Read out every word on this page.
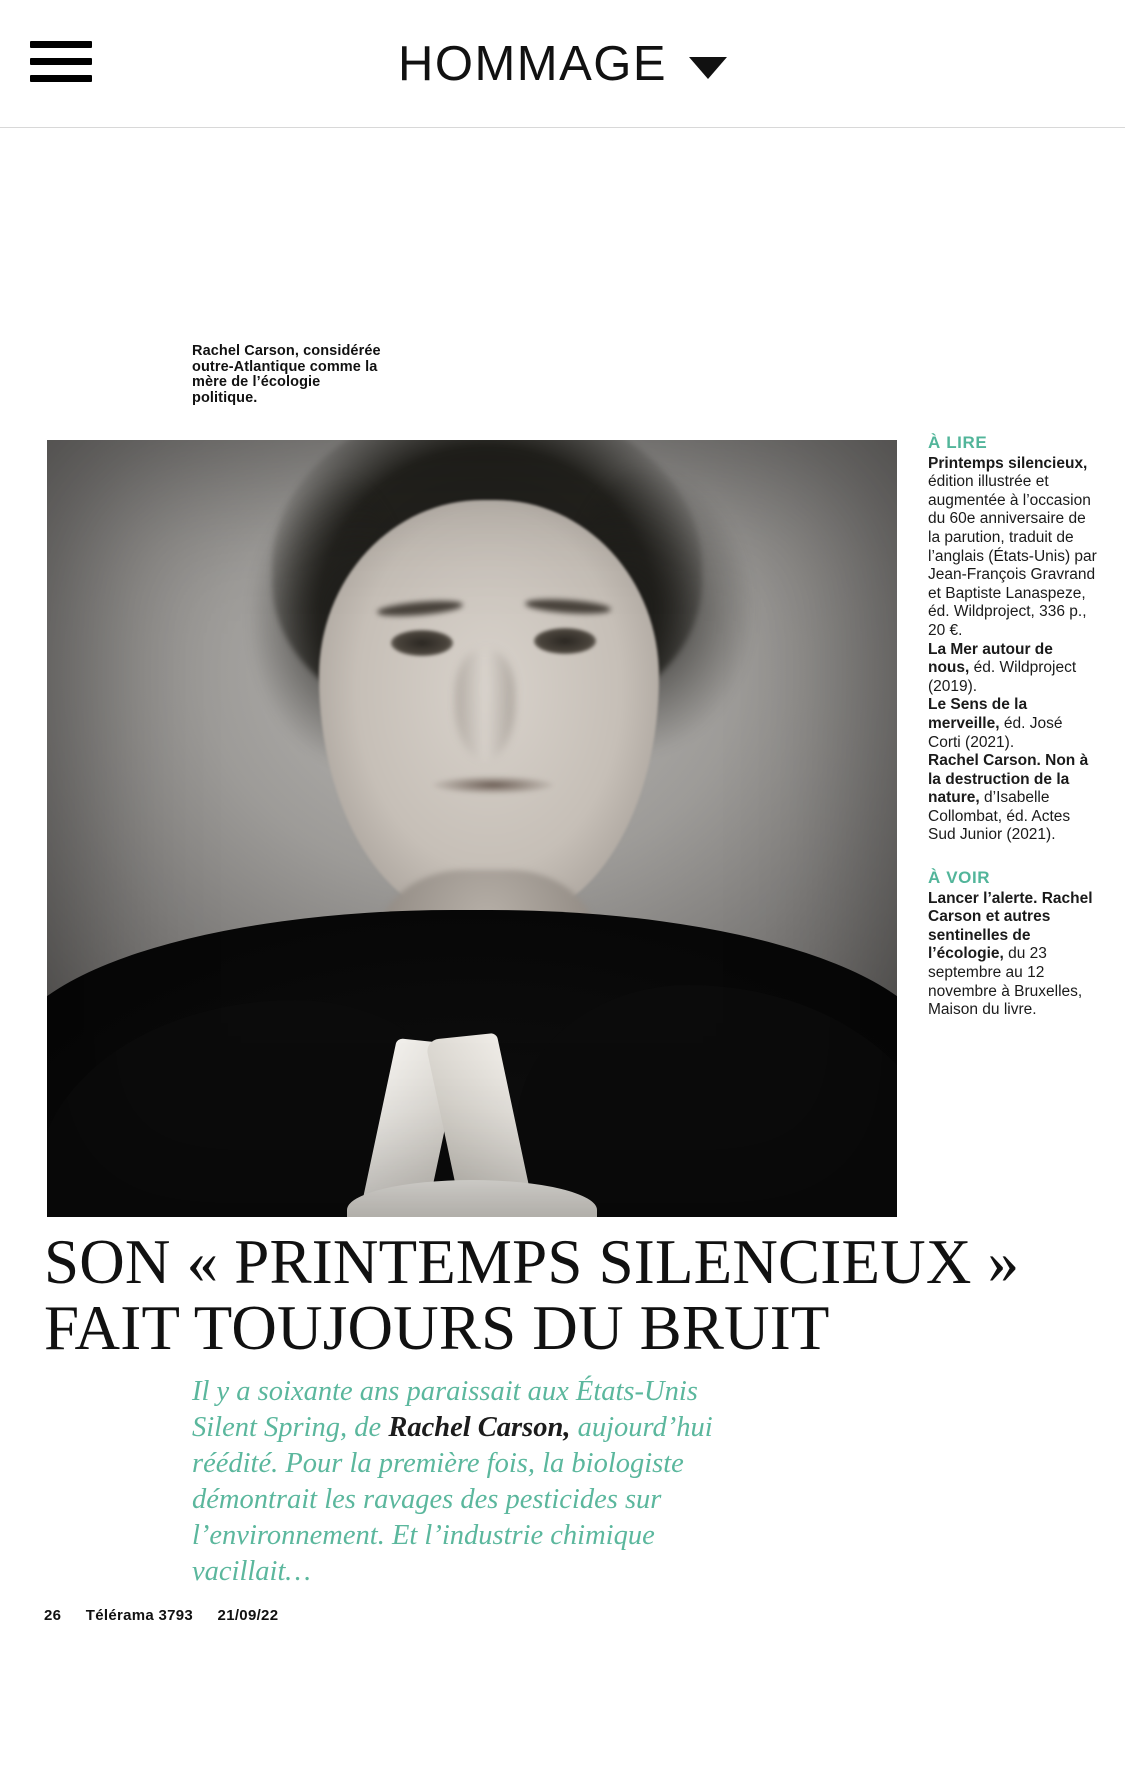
HOMMAGE
Rachel Carson, considérée outre-Atlantique comme la mère de l’écologie politique.
À LIRE

Printemps silencieux, édition illustrée et augmentée à l’occasion du 60e anniversaire de la parution, traduit de l’anglais (États-Unis) par Jean-François Gravrand et Baptiste Lanaspeze, éd. Wildproject, 336 p., 20 €.

La Mer autour de nous, éd. Wildproject (2019).

Le Sens de la merveille, éd. José Corti (2021).

Rachel Carson. Non à la destruction de la nature, d’Isabelle Collombat, éd. Actes Sud Junior (2021).

À VOIR

Lancer l’alerte. Rachel Carson et autres sentinelles de l’écologie, du 23 septembre au 12 novembre à Bruxelles, Maison du livre.

SON « PRINTEMPS SILENCIEUX »
FAIT TOUJOURS DU BRUIT
Il y a soixante ans paraissait aux États-Unis Silent Spring, de Rachel Carson, aujourd’hui réédité. Pour la première fois, la biologiste démontrait les ravages des pesticides sur l’environnement. Et l’industrie chimique vacillait…
26 Télérama 3793 21/09/22
